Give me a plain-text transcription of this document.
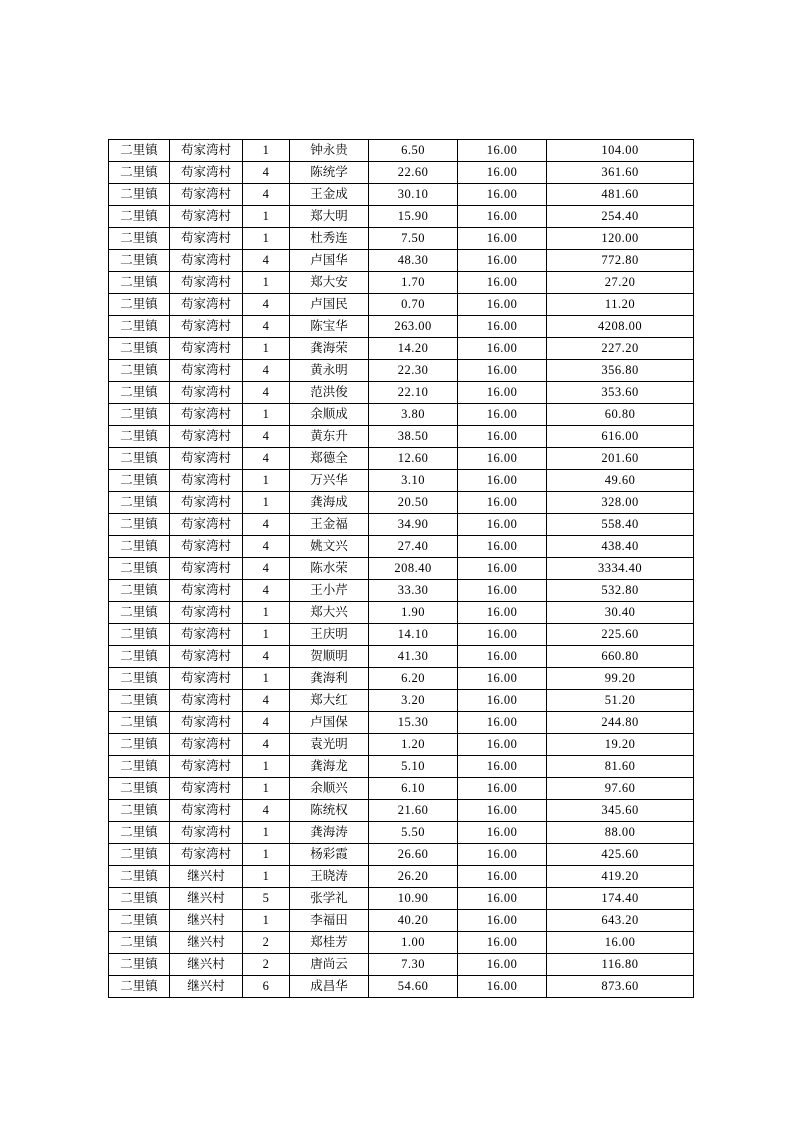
二里镇	苟家湾村	1	钟永贵	6.50	16.00	104.00
二里镇	苟家湾村	4	陈统学	22.60	16.00	361.60
二里镇	苟家湾村	4	王金成	30.10	16.00	481.60
二里镇	苟家湾村	1	郑大明	15.90	16.00	254.40
二里镇	苟家湾村	1	杜秀连	7.50	16.00	120.00
二里镇	苟家湾村	4	卢国华	48.30	16.00	772.80
二里镇	苟家湾村	1	郑大安	1.70	16.00	27.20
二里镇	苟家湾村	4	卢国民	0.70	16.00	11.20
二里镇	苟家湾村	4	陈宝华	263.00	16.00	4208.00
二里镇	苟家湾村	1	龚海荣	14.20	16.00	227.20
二里镇	苟家湾村	4	黄永明	22.30	16.00	356.80
二里镇	苟家湾村	4	范洪俊	22.10	16.00	353.60
二里镇	苟家湾村	1	余顺成	3.80	16.00	60.80
二里镇	苟家湾村	4	黄东升	38.50	16.00	616.00
二里镇	苟家湾村	4	郑德全	12.60	16.00	201.60
二里镇	苟家湾村	1	万兴华	3.10	16.00	49.60
二里镇	苟家湾村	1	龚海成	20.50	16.00	328.00
二里镇	苟家湾村	4	王金福	34.90	16.00	558.40
二里镇	苟家湾村	4	姚文兴	27.40	16.00	438.40
二里镇	苟家湾村	4	陈水荣	208.40	16.00	3334.40
二里镇	苟家湾村	4	王小芹	33.30	16.00	532.80
二里镇	苟家湾村	1	郑大兴	1.90	16.00	30.40
二里镇	苟家湾村	1	王庆明	14.10	16.00	225.60
二里镇	苟家湾村	4	贺顺明	41.30	16.00	660.80
二里镇	苟家湾村	1	龚海利	6.20	16.00	99.20
二里镇	苟家湾村	4	郑大红	3.20	16.00	51.20
二里镇	苟家湾村	4	卢国保	15.30	16.00	244.80
二里镇	苟家湾村	4	袁光明	1.20	16.00	19.20
二里镇	苟家湾村	1	龚海龙	5.10	16.00	81.60
二里镇	苟家湾村	1	余顺兴	6.10	16.00	97.60
二里镇	苟家湾村	4	陈统权	21.60	16.00	345.60
二里镇	苟家湾村	1	龚海涛	5.50	16.00	88.00
二里镇	苟家湾村	1	杨彩霞	26.60	16.00	425.60
二里镇	继兴村	1	王晓涛	26.20	16.00	419.20
二里镇	继兴村	5	张学礼	10.90	16.00	174.40
二里镇	继兴村	1	李福田	40.20	16.00	643.20
二里镇	继兴村	2	郑桂芳	1.00	16.00	16.00
二里镇	继兴村	2	唐尚云	7.30	16.00	116.80
二里镇	继兴村	6	成昌华	54.60	16.00	873.60
